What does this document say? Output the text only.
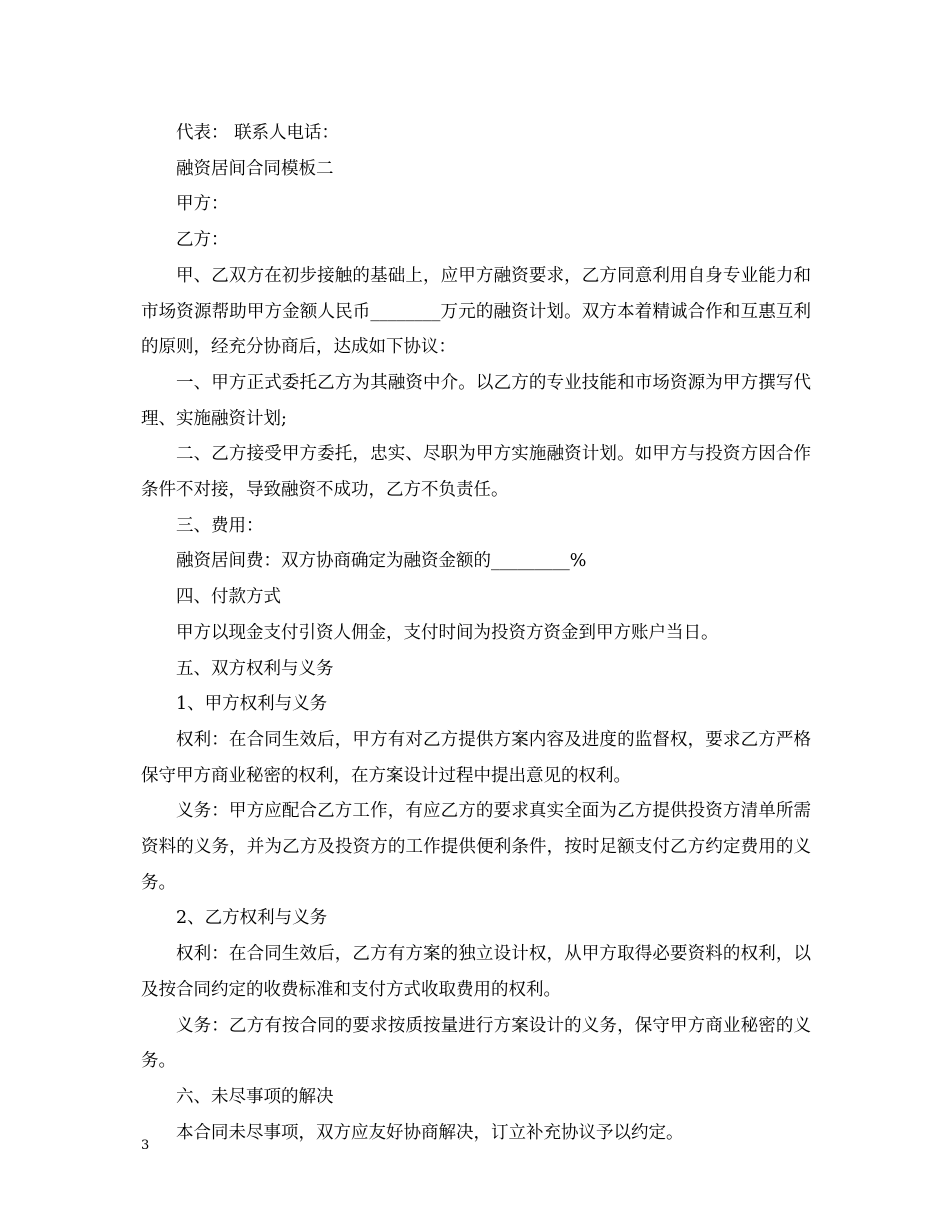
代表： 联系人电话：

融资居间合同模板二

甲方：

乙方：

甲、乙双方在初步接触的基础上，应甲方融资要求，乙方同意利用自身专业能力和市场资源帮助甲方金额人民币________万元的融资计划。双方本着精诚合作和互惠互利的原则，经充分协商后，达成如下协议：

一、甲方正式委托乙方为其融资中介。以乙方的专业技能和市场资源为甲方撰写代理、实施融资计划;

二、乙方接受甲方委托，忠实、尽职为甲方实施融资计划。如甲方与投资方因合作条件不对接，导致融资不成功，乙方不负责任。

三、费用：

融资居间费：双方协商确定为融资金额的_________%

四、付款方式

甲方以现金支付引资人佣金，支付时间为投资方资金到甲方账户当日。

五、双方权利与义务

1、甲方权利与义务

权利：在合同生效后，甲方有对乙方提供方案内容及进度的监督权，要求乙方严格保守甲方商业秘密的权利，在方案设计过程中提出意见的权利。

义务：甲方应配合乙方工作，有应乙方的要求真实全面为乙方提供投资方清单所需资料的义务，并为乙方及投资方的工作提供便利条件，按时足额支付乙方约定费用的义务。

2、乙方权利与义务

权利：在合同生效后，乙方有方案的独立设计权，从甲方取得必要资料的权利，以及按合同约定的收费标准和支付方式收取费用的权利。

义务：乙方有按合同的要求按质按量进行方案设计的义务，保守甲方商业秘密的义务。

六、未尽事项的解决

本合同未尽事项，双方应友好协商解决，订立补充协议予以约定。

3
